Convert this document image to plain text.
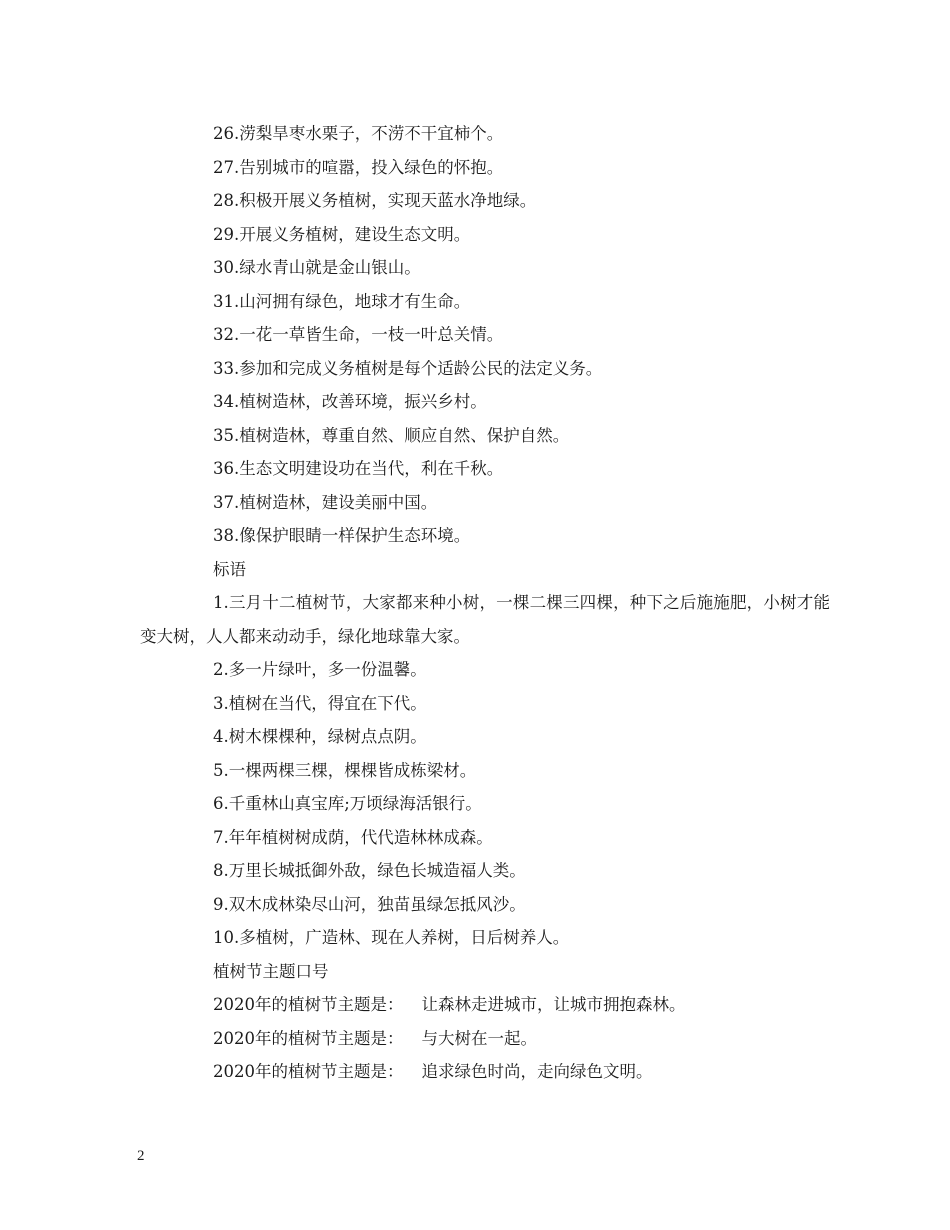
26.涝梨旱枣水栗子，不涝不干宜柿个。
27.告别城市的喧嚣，投入绿色的怀抱。
28.积极开展义务植树，实现天蓝水净地绿。
29.开展义务植树，建设生态文明。
30.绿水青山就是金山银山。
31.山河拥有绿色，地球才有生命。
32.一花一草皆生命，一枝一叶总关情。
33.参加和完成义务植树是每个适龄公民的法定义务。
34.植树造林，改善环境，振兴乡村。
35.植树造林，尊重自然、顺应自然、保护自然。
36.生态文明建设功在当代，利在千秋。
37.植树造林，建设美丽中国。
38.像保护眼睛一样保护生态环境。
标语
1.三月十二植树节，大家都来种小树，一棵二棵三四棵，种下之后施施肥，小树才能变大树，人人都来动动手，绿化地球靠大家。
2.多一片绿叶，多一份温馨。
3.植树在当代，得宜在下代。
4.树木棵棵种，绿树点点阴。
5.一棵两棵三棵，棵棵皆成栋梁材。
6.千重林山真宝库;万顷绿海活银行。
7.年年植树树成荫，代代造林林成森。
8.万里长城抵御外敌，绿色长城造福人类。
9.双木成林染尽山河，独苗虽绿怎抵风沙。
10.多植树，广造林、现在人养树，日后树养人。
植树节主题口号
2020年的植树节主题是： 让森林走进城市，让城市拥抱森林。
2020年的植树节主题是： 与大树在一起。
2020年的植树节主题是： 追求绿色时尚，走向绿色文明。
2
